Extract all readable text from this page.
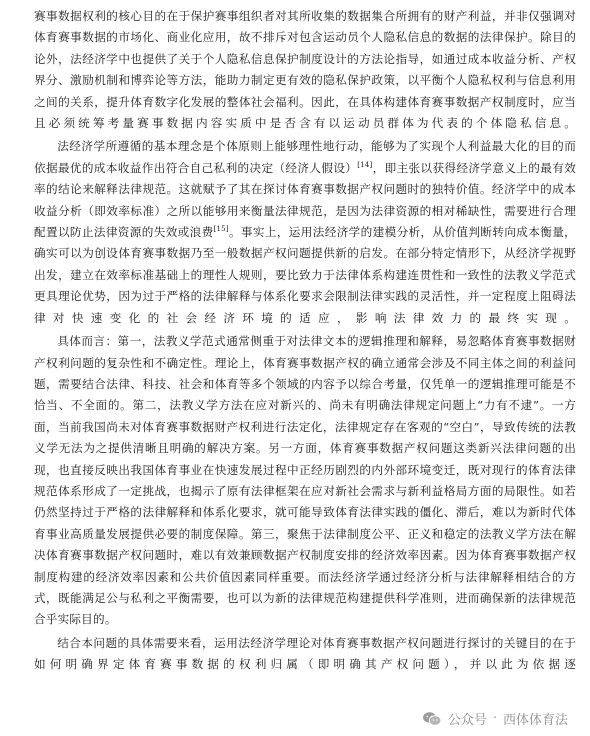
赛事数据权利的核心目的在于保护赛事组织者对其所收集的数据集合所拥有的财产利益，并非仅强调对体育赛事数据的市场化、商业化应用，故不排斥对包含运动员个人隐私信息的数据的法律保护。除目的论外，法经济学中也提供了关于个人隐私信息保护制度设计的方法论指导，如通过成本收益分析、产权界分、激励机制和博弈论等方法，能助力制定更有效的隐私保护政策，以平衡个人隐私权利与信息利用之间的关系，提升体育数字化发展的整体社会福利。因此，在具体构建体育赛事数据产权制度时，应当且必须统筹考量赛事数据内容实质中是否含有以运动员群体为代表的个体隐私信息。

法经济学所遵循的基本理念是个体原则上能够理性地行动，能够为了实现个人利益最大化的目的而依据最优的成本收益作出符合自己私利的决定（经济人假设）[14]，即主张以获得经济学意义上的最有效率的结论来解释法律规范。这就赋予了其在探讨体育赛事数据产权问题时的独特价值。经济学中的成本收益分析（即效率标准）之所以能够用来衡量法律规范，是因为法律资源的相对稀缺性，需要进行合理配置以防止法律资源的失效或浪费[15]。事实上，运用法经济学的建模分析，从价值判断转向成本衡量，确实可以为创设体育赛事数据乃至一般数据产权问题提供新的启发。在部分特定情形下，从经济学视野出发，建立在效率标准基础上的理性人规则，要比致力于法律体系构建连贯性和一致性的法教义学范式更具理论优势，因为过于严格的法律解释与体系化要求会限制法律实践的灵活性，并一定程度上阻碍法律对快速变化的社会经济环境的适应，影响法律效力的最终实现。

具体而言：第一，法教义学范式通常侧重于对法律文本的逻辑推理和解释，易忽略体育赛事数据财产权利问题的复杂性和不确定性。理论上，体育赛事数据产权的确立通常会涉及不同主体之间的利益问题，需要结合法律、科技、社会和体育等多个领域的内容予以综合考量，仅凭单一的逻辑推理可能是不恰当、不全面的。第二，法教义学方法在应对新兴的、尚未有明确法律规定问题上“力有不逮”。一方面，当前我国尚未对体育赛事数据财产权利进行法定化，法律规定存在客观的“空白”，导致传统的法教义学无法为之提供清晰且明确的解决方案。另一方面，体育赛事数据产权问题这类新兴法律问题的出现，也直接反映出我国体育事业在快速发展过程中正经历剧烈的内外部环境变迁，既对现行的体育法律规范体系形成了一定挑战，也揭示了原有法律框架在应对新社会需求与新利益格局方面的局限性。如若仍然坚持过于严格的法律解释和体系化要求，就可能导致体育法律实践的僵化、滞后，难以为新时代体育事业高质量发展提供必要的制度保障。第三，聚焦于法律制度公平、正义和稳定的法教义学方法在解决体育赛事数据产权问题时，难以有效兼顾数据产权制度安排的经济效率因素。因为体育赛事数据产权制度构建的经济效率因素和公共价值因素同样重要。而法经济学通过经济分析与法律解释相结合的方式，既能满足公与私利之平衡需要，也可以为新的法律规范构建提供科学准则，进而确保新的法律规范合乎实际目的。

结合本问题的具体需要来看，运用法经济学理论对体育赛事数据产权问题进行探讨的关键目的在于如何明确界定体育赛事数据的权利归属（即明确其产权问题），并以此为依据逐

公众号 · 西体体育法
